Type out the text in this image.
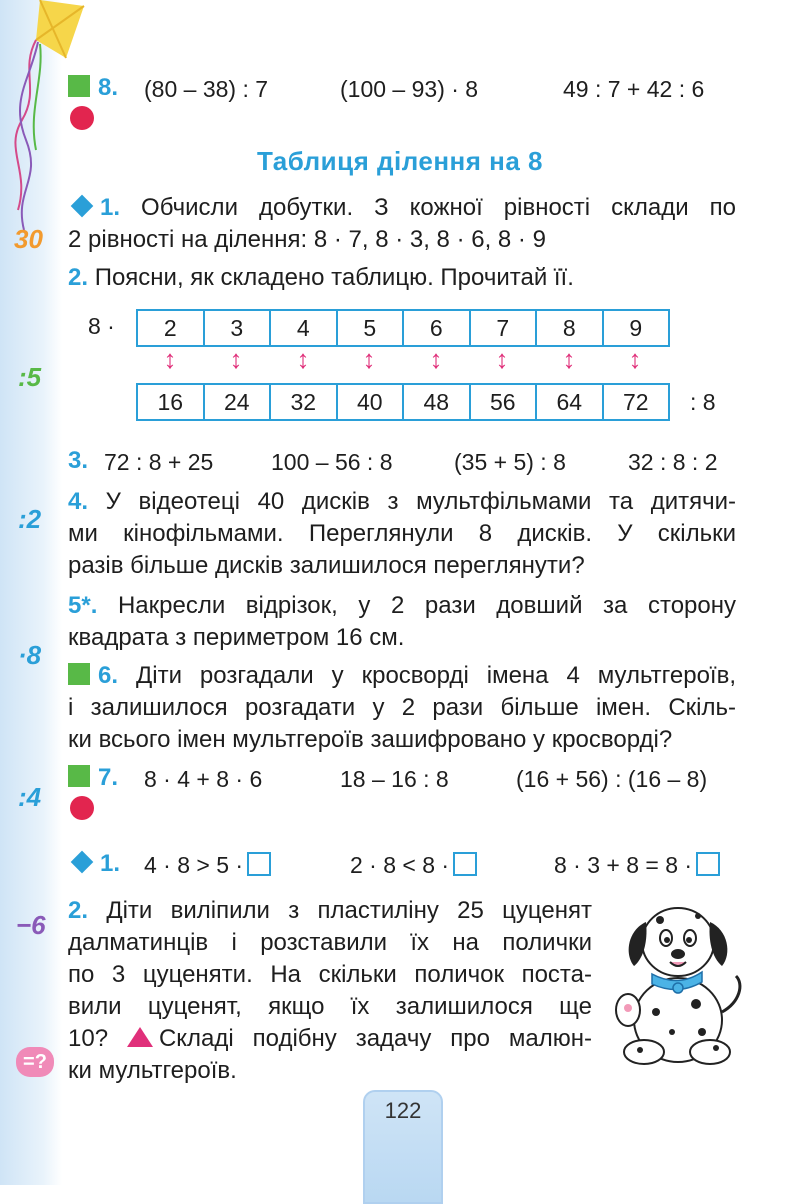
30
:5
:2
·8
:4
−6
=?
8.	(80 – 38) : 7	(100 – 93) · 8	49 : 7 + 42 : 6
Таблиця ділення на 8
1. Обчисли добутки. З кожної рівності склади по
2 рівності на ділення: 8 · 7, 8 · 3, 8 · 6, 8 · 9
2. Поясни, як складено таблицю. Прочитай її.
8 · 2	3	4	5	6	7	8	9
↕	↕	↕	↕	↕	↕	↕	↕
16	24	32	40	48	56	64	72 : 8
3. 72 : 8 + 25	100 – 56 : 8	(35 + 5) : 8	32 : 8 : 2
4. У відеотеці 40 дисків з мультфільмами та дитячи-
ми кінофільмами. Переглянули 8 дисків. У скільки
разів більше дисків залишилося переглянути?
5*. Накресли відрізок, у 2 рази довший за сторону
квадрата з периметром 16 см.
6. Діти розгадали у кросворді імена 4 мультгероїв,
і залишилося розгадати у 2 рази більше імен. Скіль-
ки всього імен мультгероїв зашифровано у кросворді?
7.	8 · 4 + 8 · 6	18 – 16 : 8	(16 + 56) : (16 – 8)
1.	4 · 8 > 5 ·	2 · 8 < 8 ·	8 · 3 + 8 = 8 ·
2. Діти виліпили з пластиліну 25 цуценят
далматинців і розставили їх на полички
по 3 цуценяти. На скільки поличок поста-
вили цуценят, якщо їх залишилося ще
10? Складі подібну задачу про малюн-
ки мультгероїв.
122
